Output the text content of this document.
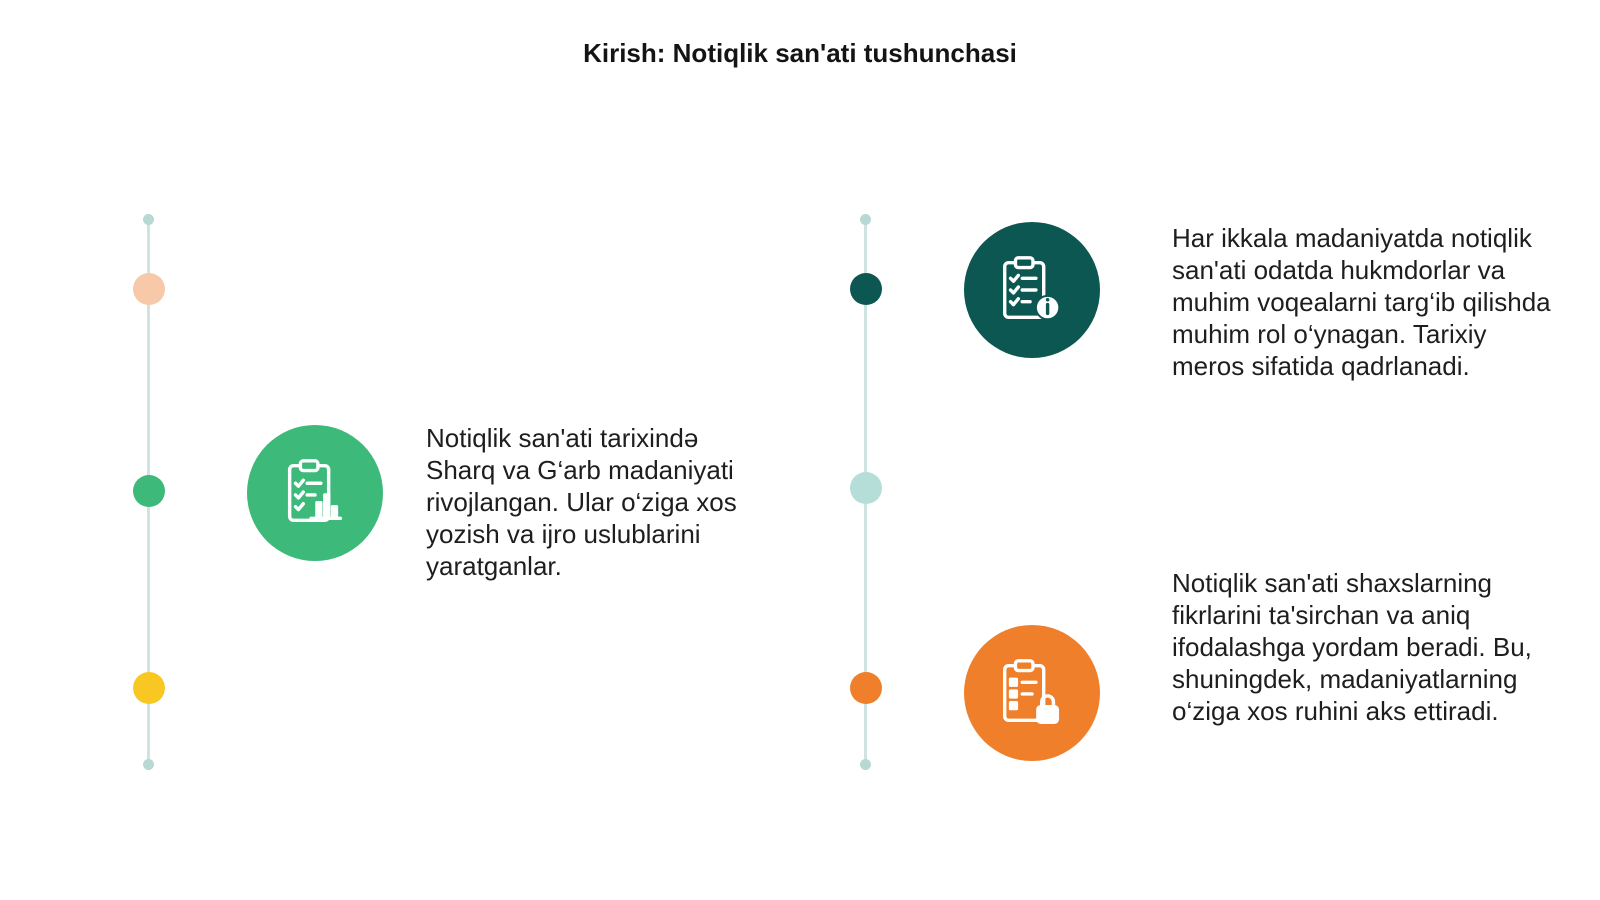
Kirish: Notiqlik san'ati tushunchasi
Notiqlik san'ati tarixində Sharq va G‘arb madaniyati rivojlangan. Ular o‘ziga xos yozish va ijro uslublarini yaratganlar.
Har ikkala madaniyatda notiqlik san'ati odatda hukmdorlar va muhim voqealarni targ‘ib qilishda muhim rol o‘ynagan. Tarixiy meros sifatida qadrlanadi.
Notiqlik san'ati shaxslarning fikrlarini ta'sirchan va aniq ifodalashga yordam beradi. Bu, shuningdek, madaniyatlarning o‘ziga xos ruhini aks ettiradi.
